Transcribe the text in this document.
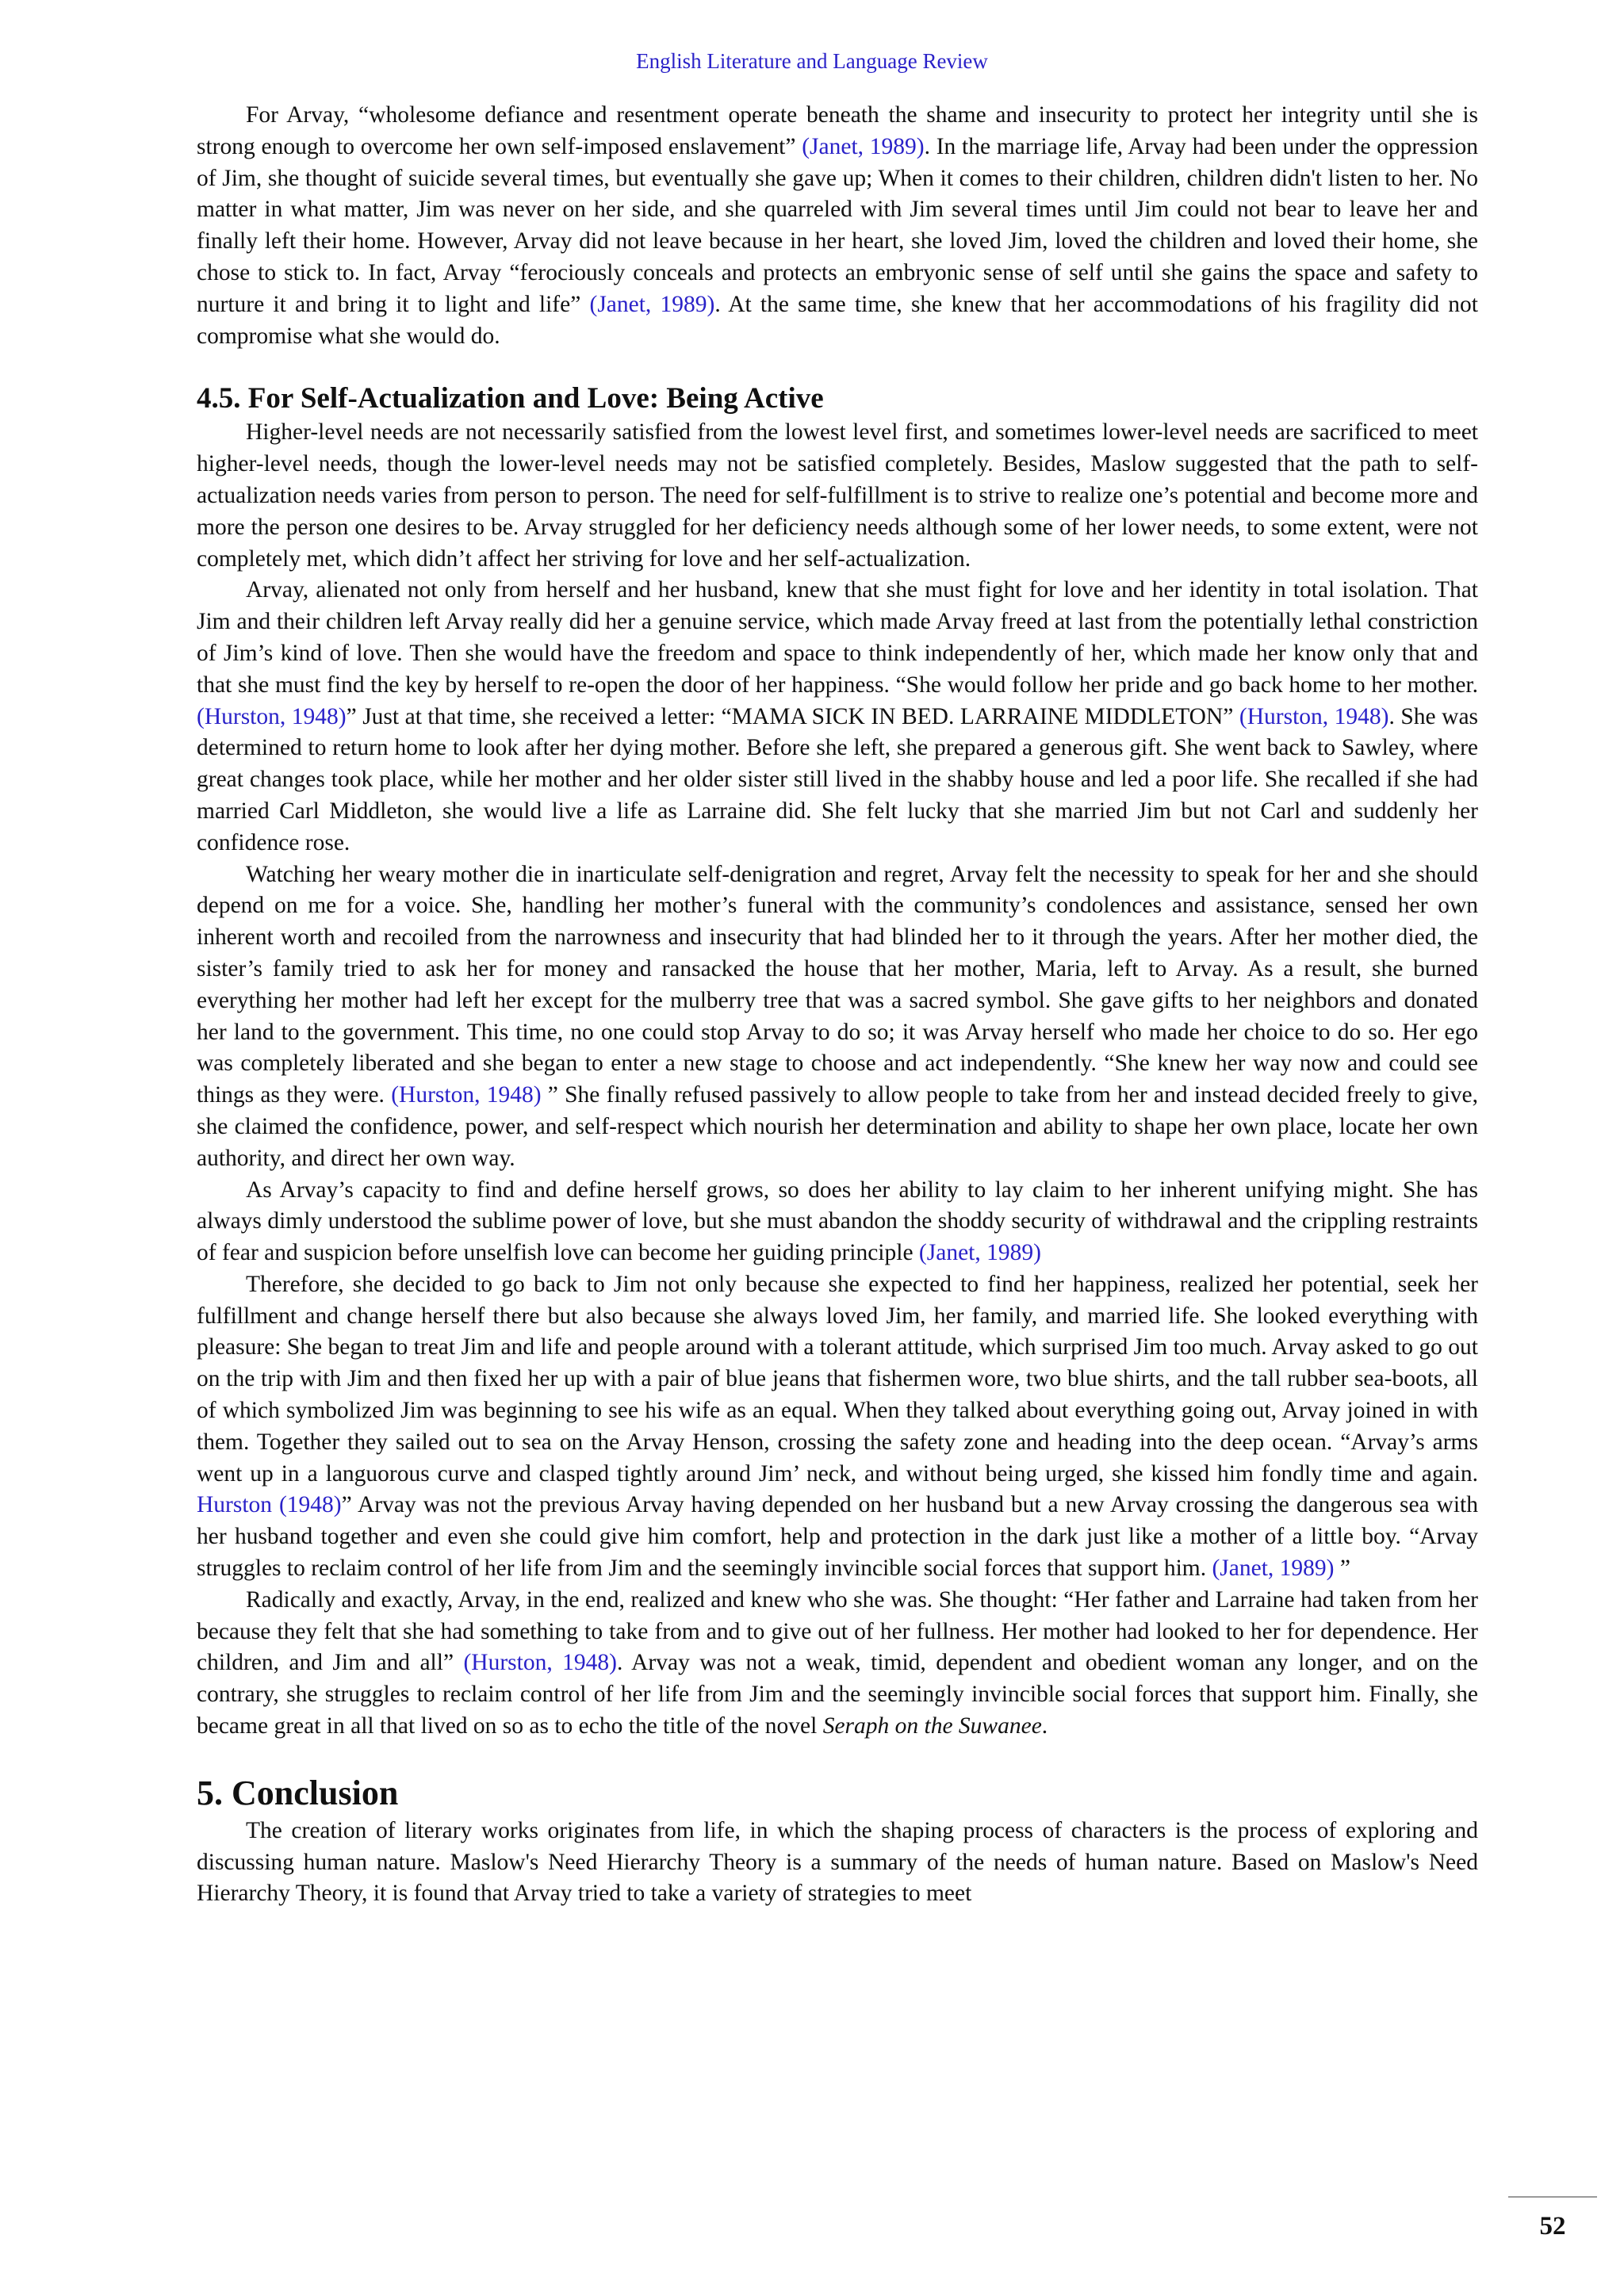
English Literature and Language Review

For Arvay, “wholesome defiance and resentment operate beneath the shame and insecurity to protect her integrity until she is strong enough to overcome her own self-imposed enslavement” (Janet, 1989). In the marriage life, Arvay had been under the oppression of Jim, she thought of suicide several times, but eventually she gave up; When it comes to their children, children didn't listen to her. No matter in what matter, Jim was never on her side, and she quarreled with Jim several times until Jim could not bear to leave her and finally left their home. However, Arvay did not leave because in her heart, she loved Jim, loved the children and loved their home, she chose to stick to. In fact, Arvay “ferociously conceals and protects an embryonic sense of self until she gains the space and safety to nurture it and bring it to light and life” (Janet, 1989). At the same time, she knew that her accommodations of his fragility did not compromise what she would do.

4.5. For Self-Actualization and Love: Being Active

Higher-level needs are not necessarily satisfied from the lowest level first, and sometimes lower-level needs are sacrificed to meet higher-level needs, though the lower-level needs may not be satisfied completely. Besides, Maslow suggested that the path to self-actualization needs varies from person to person. The need for self-fulfillment is to strive to realize one’s potential and become more and more the person one desires to be. Arvay struggled for her deficiency needs although some of her lower needs, to some extent, were not completely met, which didn’t affect her striving for love and her self-actualization.

Arvay, alienated not only from herself and her husband, knew that she must fight for love and her identity in total isolation. That Jim and their children left Arvay really did her a genuine service, which made Arvay freed at last from the potentially lethal constriction of Jim’s kind of love. Then she would have the freedom and space to think independently of her, which made her know only that and that she must find the key by herself to re-open the door of her happiness. “She would follow her pride and go back home to her mother. (Hurston, 1948)” Just at that time, she received a letter: “MAMA SICK IN BED. LARRAINE MIDDLETON” (Hurston, 1948). She was determined to return home to look after her dying mother. Before she left, she prepared a generous gift. She went back to Sawley, where great changes took place, while her mother and her older sister still lived in the shabby house and led a poor life. She recalled if she had married Carl Middleton, she would live a life as Larraine did. She felt lucky that she married Jim but not Carl and suddenly her confidence rose.

Watching her weary mother die in inarticulate self-denigration and regret, Arvay felt the necessity to speak for her and she should depend on me for a voice. She, handling her mother’s funeral with the community’s condolences and assistance, sensed her own inherent worth and recoiled from the narrowness and insecurity that had blinded her to it through the years. After her mother died, the sister’s family tried to ask her for money and ransacked the house that her mother, Maria, left to Arvay. As a result, she burned everything her mother had left her except for the mulberry tree that was a sacred symbol. She gave gifts to her neighbors and donated her land to the government. This time, no one could stop Arvay to do so; it was Arvay herself who made her choice to do so. Her ego was completely liberated and she began to enter a new stage to choose and act independently. “She knew her way now and could see things as they were. (Hurston, 1948) ” She finally refused passively to allow people to take from her and instead decided freely to give, she claimed the confidence, power, and self-respect which nourish her determination and ability to shape her own place, locate her own authority, and direct her own way.

As Arvay’s capacity to find and define herself grows, so does her ability to lay claim to her inherent unifying might. She has always dimly understood the sublime power of love, but she must abandon the shoddy security of withdrawal and the crippling restraints of fear and suspicion before unselfish love can become her guiding principle (Janet, 1989)

Therefore, she decided to go back to Jim not only because she expected to find her happiness, realized her potential, seek her fulfillment and change herself there but also because she always loved Jim, her family, and married life. She looked everything with pleasure: She began to treat Jim and life and people around with a tolerant attitude, which surprised Jim too much. Arvay asked to go out on the trip with Jim and then fixed her up with a pair of blue jeans that fishermen wore, two blue shirts, and the tall rubber sea-boots, all of which symbolized Jim was beginning to see his wife as an equal. When they talked about everything going out, Arvay joined in with them. Together they sailed out to sea on the Arvay Henson, crossing the safety zone and heading into the deep ocean. “Arvay’s arms went up in a languorous curve and clasped tightly around Jim’ neck, and without being urged, she kissed him fondly time and again. Hurston (1948)” Arvay was not the previous Arvay having depended on her husband but a new Arvay crossing the dangerous sea with her husband together and even she could give him comfort, help and protection in the dark just like a mother of a little boy. “Arvay struggles to reclaim control of her life from Jim and the seemingly invincible social forces that support him. (Janet, 1989) ”

Radically and exactly, Arvay, in the end, realized and knew who she was. She thought: “Her father and Larraine had taken from her because they felt that she had something to take from and to give out of her fullness. Her mother had looked to her for dependence. Her children, and Jim and all” (Hurston, 1948). Arvay was not a weak, timid, dependent and obedient woman any longer, and on the contrary, she struggles to reclaim control of her life from Jim and the seemingly invincible social forces that support him. Finally, she became great in all that lived on so as to echo the title of the novel Seraph on the Suwanee.

5. Conclusion

The creation of literary works originates from life, in which the shaping process of characters is the process of exploring and discussing human nature. Maslow's Need Hierarchy Theory is a summary of the needs of human nature. Based on Maslow's Need Hierarchy Theory, it is found that Arvay tried to take a variety of strategies to meet

52
